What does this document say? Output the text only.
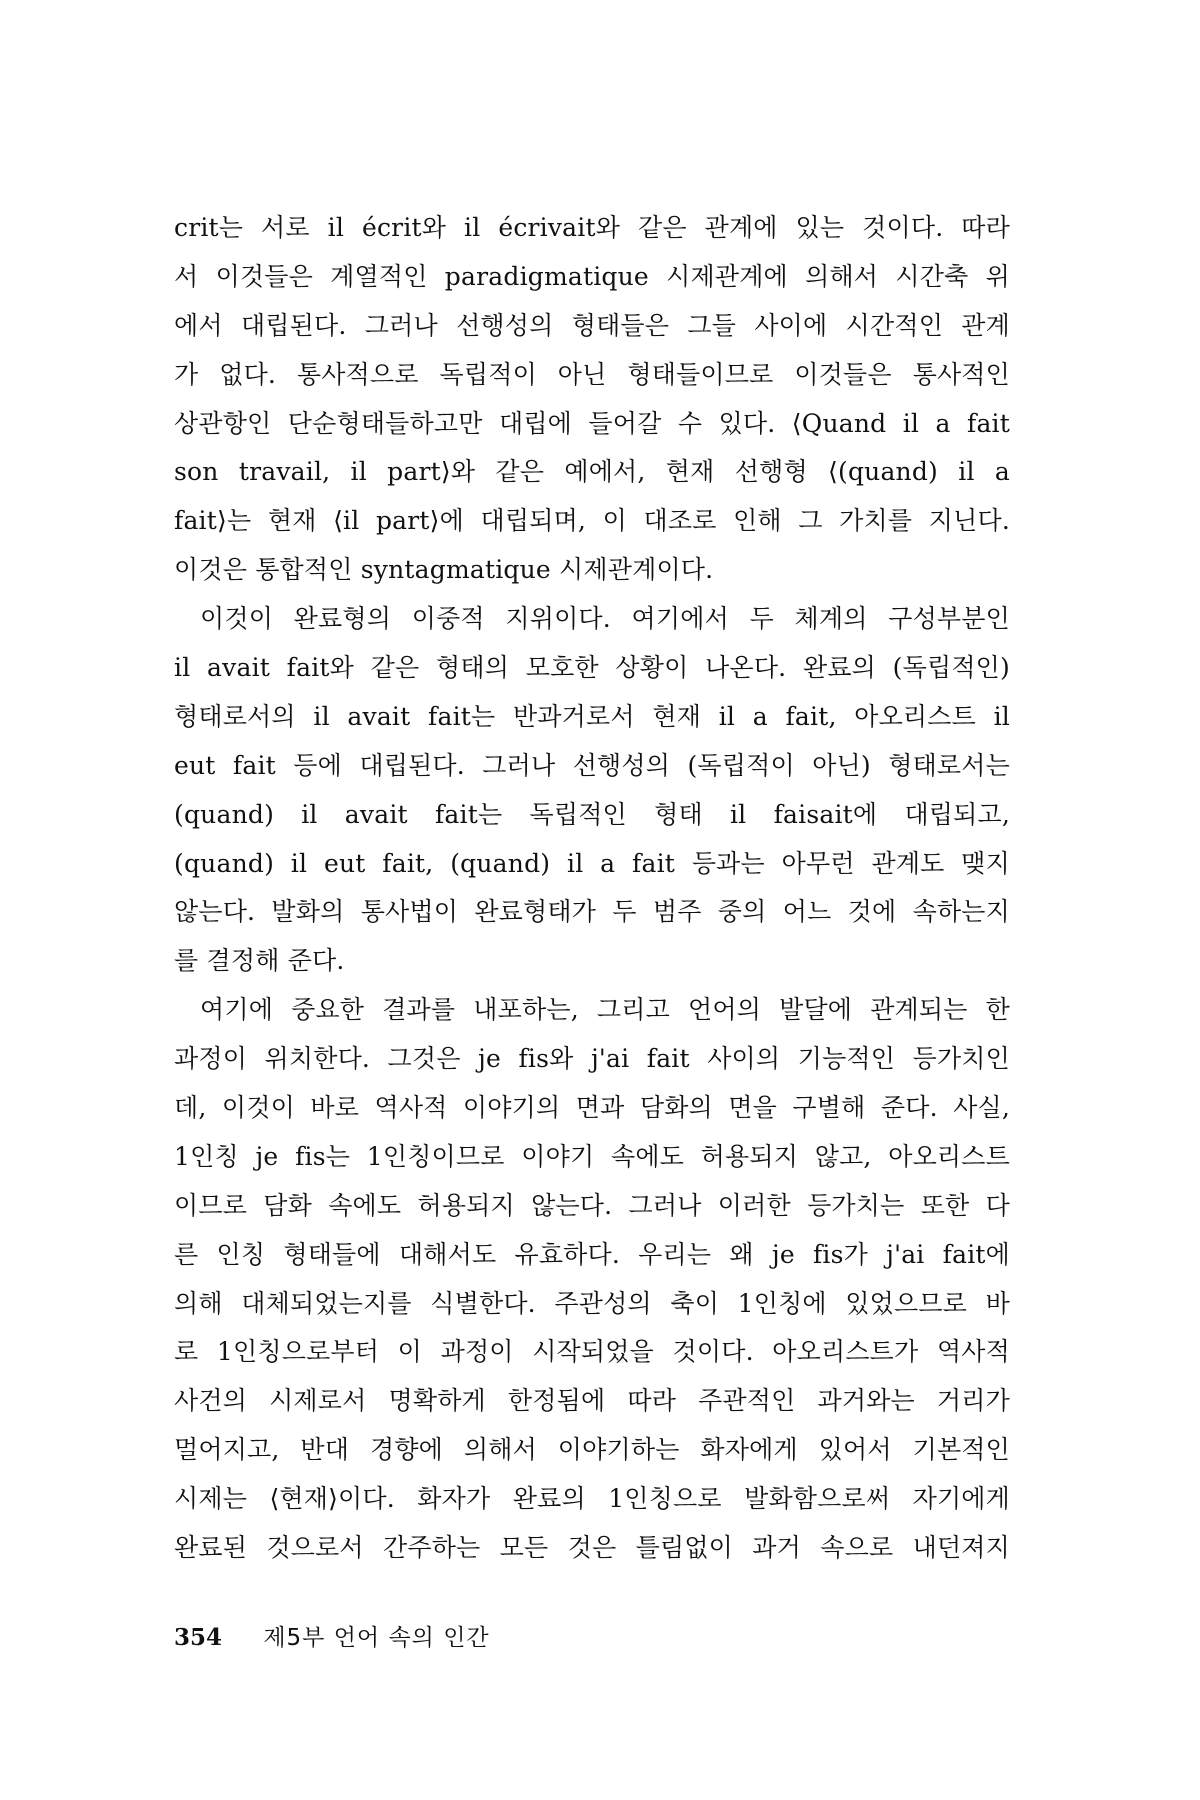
crit는 서로 il écrit와 il écrivait와 같은 관계에 있는 것이다. 따라
서 이것들은 계열적인 paradigmatique 시제관계에 의해서 시간축 위
에서 대립된다. 그러나 선행성의 형태들은 그들 사이에 시간적인 관계
가 없다. 통사적으로 독립적이 아닌 형태들이므로 이것들은 통사적인
상관항인 단순형태들하고만 대립에 들어갈 수 있다. ⟨Quand il a fait
son travail, il part⟩와 같은 예에서, 현재 선행형 ⟨(quand) il a
fait⟩는 현재 ⟨il part⟩에 대립되며, 이 대조로 인해 그 가치를 지닌다.
이것은 통합적인 syntagmatique 시제관계이다.
이것이 완료형의 이중적 지위이다. 여기에서 두 체계의 구성부분인
il avait fait와 같은 형태의 모호한 상황이 나온다. 완료의 (독립적인)
형태로서의 il avait fait는 반과거로서 현재 il a fait, 아오리스트 il
eut fait 등에 대립된다. 그러나 선행성의 (독립적이 아닌) 형태로서는
(quand) il avait fait는 독립적인 형태 il faisait에 대립되고,
(quand) il eut fait, (quand) il a fait 등과는 아무런 관계도 맺지
않는다. 발화의 통사법이 완료형태가 두 범주 중의 어느 것에 속하는지
를 결정해 준다.
여기에 중요한 결과를 내포하는, 그리고 언어의 발달에 관계되는 한
과정이 위치한다. 그것은 je fis와 j'ai fait 사이의 기능적인 등가치인
데, 이것이 바로 역사적 이야기의 면과 담화의 면을 구별해 준다. 사실,
1인칭 je fis는 1인칭이므로 이야기 속에도 허용되지 않고, 아오리스트
이므로 담화 속에도 허용되지 않는다. 그러나 이러한 등가치는 또한 다
른 인칭 형태들에 대해서도 유효하다. 우리는 왜 je fis가 j'ai fait에
의해 대체되었는지를 식별한다. 주관성의 축이 1인칭에 있었으므로 바
로 1인칭으로부터 이 과정이 시작되었을 것이다. 아오리스트가 역사적
사건의 시제로서 명확하게 한정됨에 따라 주관적인 과거와는 거리가
멀어지고, 반대 경향에 의해서 이야기하는 화자에게 있어서 기본적인
시제는 ⟨현재⟩이다. 화자가 완료의 1인칭으로 발화함으로써 자기에게
완료된 것으로서 간주하는 모든 것은 틀림없이 과거 속으로 내던져지
354 제5부 언어 속의 인간
